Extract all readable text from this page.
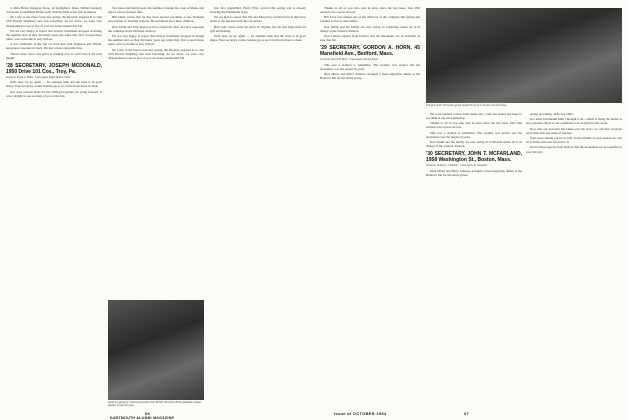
to Miss Helen Margaret Fease, in Springfield, Mass. Wilbur Kennedy carries the Grandfather Heinz torch with the birth of his first grandson.

On a trip to the West Coast last spring, the Reverdy stopped in to chat with Harold Weinberg and Jack Dowding. As for news, we were very disappointed to see so few of you out at the reunion this fall.

We are very happy to report that several classmates dropped in during the summer and, as they did many years ago when they first crossed those pines, were welcome to stay with us.

A few reminders of the fun we have had with Ferguson and Wilder, newspaper reporters in town. We had a most enjoyable time.

There's more news, but space is running out, so we'll save it for next month.

'28 SECRETARY, JOSEPH MCDONALD, 1950 Drive 101 Cos., Troy, Pa.
Treasurer, Frank G. Dahis · Class Agent, Ralph Dennis, Mass.

Well, here we go again — for summer time and the class is in good shape. Your secretary comes bearing up as we travel from dawn to dusk.

Our class reunion plans for the 1958 get-together are going forward. It was a delight to see so many of you at the Inn.

Ted Jones and family spent the summer cruising the coast of Maine and report a most pleasant time.

Bill Dunn writes that he has been elected president of the National Association of Training Schools. He and Marie have three children.

Don Smith and Tom Donovan have joined the firm and now represent the company in the Midwest territory.

We are very happy to report that several classmates dropped in during the summer and, as they did many years ago when they first crossed those pines, were welcome to stay with us.

On a trip to the West Coast last spring, the Reverdy stopped in to chat with Harold Weinberg and Jack Dowding. As for news, we were very disappointed to see so few of you out at the reunion this fall.

Our first grandchild, Harry Ellis, arrived this spring and is already showing the Dartmouth spirit.

We are glad to report that Jim and Mary have settled down in their new home at the Inn and welcome all visitors.

Bob Lane writes from his place in Virginia that he still finds time for golf and fishing.

Well, here we go again — for summer time and the class is in good shape. Your secretary comes bearing up as we travel from dawn to dusk.

DICK is a group of Connecticut alumni, Pete McNeil '28 of New Haven presided a former speaker is from the class.
66
DARTMOUTH ALUMNI MAGAZINE
This part of the '29 reunion group sought the eye of a '52 man, too class news

Thanks to all of you who sent in news since the last issue. Our 25th reunion was a great success.

Bill Gray was named one of the directors of the company this spring and remains active in class affairs.

Ken Smith and his family are now living in California where he is in charge of the western division.

Don Carlson reports from Denver that the mountains are as beautiful as ever this fall.

'29 SECRETARY, GORDON A. HORN, 45 Mansfield Ave., Bedford, Mass.
Treasurer, Harold B. Beck · Class Agent, Edward Bayer

This was a reunion to remember. The weather was perfect and the attendance was the largest in years.

Dick Miller and Harry Johnson arranged a most enjoyable dinner at the Hanover Inn for the entire group.

We were pleased to hear from many who could not attend and hope to see them at our next gathering.

Thanks to all of you who sent in news since the last issue. Our 25th reunion was a great success.

This was a reunion to remember. The weather was perfect and the attendance was the largest in years.

Ken Smith and his family are now living in California where he is in charge of the western division.

'30 SECRETARY, JOHN T. MCFARLAND, 1958 Washington St., Boston, Mass.
Treasurer, Stanley L. Chandler · Class Agent, R. Campbell

Dick Miller and Harry Johnson arranged a most enjoyable dinner at the Hanover Inn for the entire group.

spring upcoming, 'Who Are This?'

In a letter Dartmouth Man I thought it all—which is being the matter is now pleasant, Most of our committee was on hand for the event.

Now that our secretary has taken over the news, we ask that everyone write him with any items of interest.

Your news should not be in vain. In the middle of your season we will be at home and look forward to it.

Don Carlson reports from Denver that the mountains are as beautiful as ever this fall.

Issue of OCTOBER 1954	67
